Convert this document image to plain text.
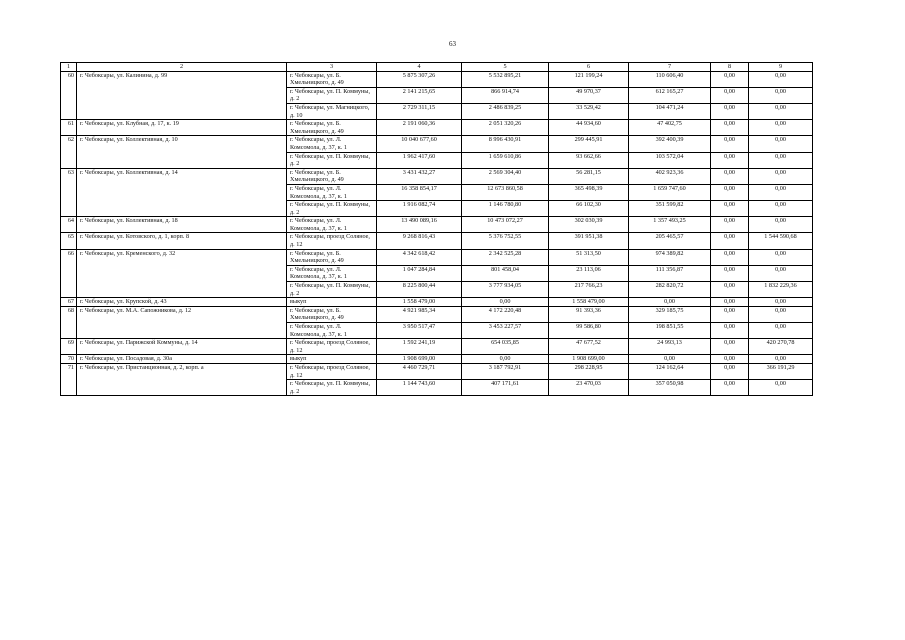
63
1	2	3	4	5	6	7	8	9
60	г. Чебоксары, ул. Калинина, д. 99	г. Чебоксары, ул. Б. Хмельницкого, д. 49	5 875 307,26	5 532 895,21	121 199,24	110 606,40	0,00	0,00
		г. Чебоксары, ул. П. Коммуны, д. 2	2 141 215,65	866 914,74	49 970,37	612 165,27	0,00	0,00
		г. Чебоксары, ул. Магницкого, д. 10	2 729 311,15	2 486 839,25	33 529,42	104 471,24	0,00	0,00
61	г. Чебоксары, ул. Клубная, д. 17, к. 19	г. Чебоксары, ул. Б. Хмельницкого, д. 49	2 191 060,36	2 051 320,26	44 934,60	47 402,75	0,00	0,00
62	г. Чебоксары, ул. Коллективная, д. 10	г. Чебоксары, ул. Л. Комсомола, д. 37, к. 1	10 040 677,60	8 996 430,91	299 445,91	392 400,39	0,00	0,00
		г. Чебоксары, ул. П. Коммуны, д. 2	1 962 417,60	1 659 610,86	93 662,66	103 572,04	0,00	0,00
63	г. Чебоксары, ул. Коллективная, д. 14	г. Чебоксары, ул. Б. Хмельницкого, д. 49	3 431 432,27	2 569 304,40	56 281,15	402 923,36	0,00	0,00
		г. Чебоксары, ул. Л. Комсомола, д. 37, к. 1	16 358 854,17	12 673 860,58	365 498,39	1 659 747,60	0,00	0,00
		г. Чебоксары, ул. П. Коммуны, д. 2	1 916 082,74	1 146 780,80	66 102,30	351 599,82	0,00	0,00
64	г. Чебоксары, ул. Коллективная, д. 18	г. Чебоксары, ул. Л. Комсомола, д. 37, к. 1	13 490 089,16	10 473 072,27	302 030,39	1 357 493,25	0,00	0,00
65	г. Чебоксары, ул. Котовского, д. 1, корп. 8	г. Чебоксары, проезд Соляное, д. 12	9 268 816,43	5 376 752,55	391 951,38	205 465,57	0,00	1 544 590,68
66	г. Чебоксары, ул. Кременского, д. 32	г. Чебоксары, ул. Б. Хмельницкого, д. 49	4 342 618,42	2 342 525,28	51 313,50	974 389,82	0,00	0,00
		г. Чебоксары, ул. Л. Комсомола, д. 37, к. 1	1 047 284,84	801 458,04	23 113,06	111 356,87	0,00	0,00
		г. Чебоксары, ул. П. Коммуны, д. 2	8 225 800,44	3 777 934,05	217 766,23	282 820,72	0,00	1 832 229,36
67	г. Чебоксары, ул. Крупской, д. 43	выкуп	1 558 479,00	0,00	1 558 479,00	0,00	0,00	0,00
68	г. Чебоксары, ул. М.А. Сапожникова, д. 12	г. Чебоксары, ул. Б. Хмельницкого, д. 49	4 921 985,34	4 172 220,48	91 393,36	329 185,75	0,00	0,00
		г. Чебоксары, ул. Л. Комсомола, д. 37, к. 1	3 950 517,47	3 453 227,57	99 586,80	198 851,55	0,00	0,00
69	г. Чебоксары, ул. Парижской Коммуны, д. 14	г. Чебоксары, проезд Соляное, д. 12	1 592 241,19	654 035,85	47 677,52	24 993,13	0,00	420 270,78
70	г. Чебоксары, ул. Посадовая, д. 30а	выкуп	1 908 699,00	0,00	1 908 699,00	0,00	0,00	0,00
71	г. Чебоксары, ул. Пристанционная, д. 2, корп. а	г. Чебоксары, проезд Соляное, д. 12	4 460 729,71	3 187 792,91	298 228,95	124 162,64	0,00	366 191,29
		г. Чебоксары, ул. П. Коммуны, д. 2	1 144 743,60	407 171,61	23 470,03	357 050,98	0,00	0,00
